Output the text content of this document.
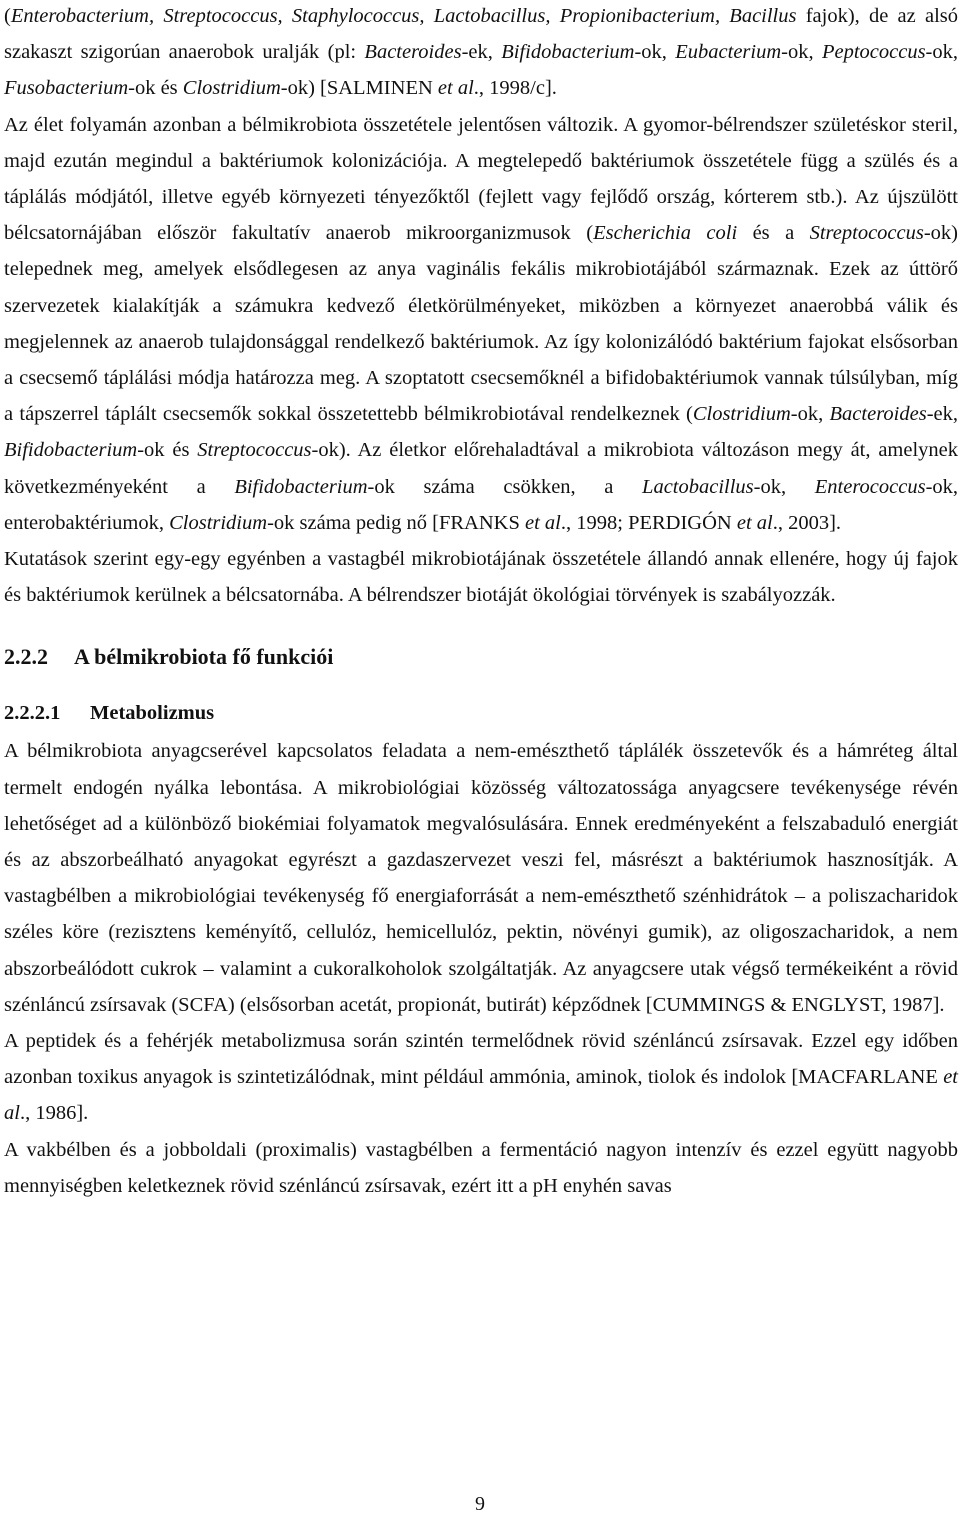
(Enterobacterium, Streptococcus, Staphylococcus, Lactobacillus, Propionibacterium, Bacillus fajok), de az alsó szakaszt szigorúan anaerobok uralják (pl: Bacteroides-ek, Bifidobacterium-ok, Eubacterium-ok, Peptococcus-ok, Fusobacterium-ok és Clostridium-ok) [SALMINEN et al., 1998/c].

Az élet folyamán azonban a bélmikrobiota összetétele jelentősen változik. A gyomor-bélrendszer születéskor steril, majd ezután megindul a baktériumok kolonizációja. A megtelepedő baktériumok összetétele függ a szülés és a táplálás módjától, illetve egyéb környezeti tényezőktől (fejlett vagy fejlődő ország, kórterem stb.). Az újszülött bélcsatornájában először fakultatív anaerob mikroorganizmusok (Escherichia coli és a Streptococcus-ok) telepednek meg, amelyek elsődlegesen az anya vaginális fekális mikrobiotájából származnak. Ezek az úttörő szervezetek kialakítják a számukra kedvező életkörülményeket, miközben a környezet anaerobbá válik és megjelennek az anaerob tulajdonsággal rendelkező baktériumok. Az így kolonizálódó baktérium fajokat elsősorban a csecsemő táplálási módja határozza meg. A szoptatott csecsemőknél a bifidobaktériumok vannak túlsúlyban, míg a tápszerrel táplált csecsemők sokkal összetettebb bélmikrobiotával rendelkeznek (Clostridium-ok, Bacteroides-ek, Bifidobacterium-ok és Streptococcus-ok). Az életkor előrehaladtával a mikrobiota változáson megy át, amelynek következményeként a Bifidobacterium-ok száma csökken, a Lactobacillus-ok, Enterococcus-ok, enterobaktériumok, Clostridium-ok száma pedig nő [FRANKS et al., 1998; PERDIGÓN et al., 2003].

Kutatások szerint egy-egy egyénben a vastagbél mikrobiotájának összetétele állandó annak ellenére, hogy új fajok és baktériumok kerülnek a bélcsatornába. A bélrendszer biotáját ökológiai törvények is szabályozzák.

2.2.2 A bélmikrobiota fő funkciói
2.2.2.1 Metabolizmus

A bélmikrobiota anyagcserével kapcsolatos feladata a nem-emészthető táplálék összetevők és a hámréteg által termelt endogén nyálka lebontása. A mikrobiológiai közösség változatossága anyagcsere tevékenysége révén lehetőséget ad a különböző biokémiai folyamatok megvalósulására. Ennek eredményeként a felszabaduló energiát és az abszorbeálható anyagokat egyrészt a gazdaszervezet veszi fel, másrészt a baktériumok hasznosítják. A vastagbélben a mikrobiológiai tevékenység fő energiaforrását a nem-emészthető szénhidrátok – a poliszacharidok széles köre (rezisztens keményítő, cellulóz, hemicellulóz, pektin, növényi gumik), az oligoszacharidok, a nem abszorbeálódott cukrok – valamint a cukoralkoholok szolgáltatják. Az anyagcsere utak végső termékeiként a rövid szénláncú zsírsavak (SCFA) (elsősorban acetát, propionát, butirát) képződnek [CUMMINGS & ENGLYST, 1987].

A peptidek és a fehérjék metabolizmusa során szintén termelődnek rövid szénláncú zsírsavak. Ezzel egy időben azonban toxikus anyagok is szintetizálódnak, mint például ammónia, aminok, tiolok és indolok [MACFARLANE et al., 1986].

A vakbélben és a jobboldali (proximalis) vastagbélben a fermentáció nagyon intenzív és ezzel együtt nagyobb mennyiségben keletkeznek rövid szénláncú zsírsavak, ezért itt a pH enyhén savas

9
